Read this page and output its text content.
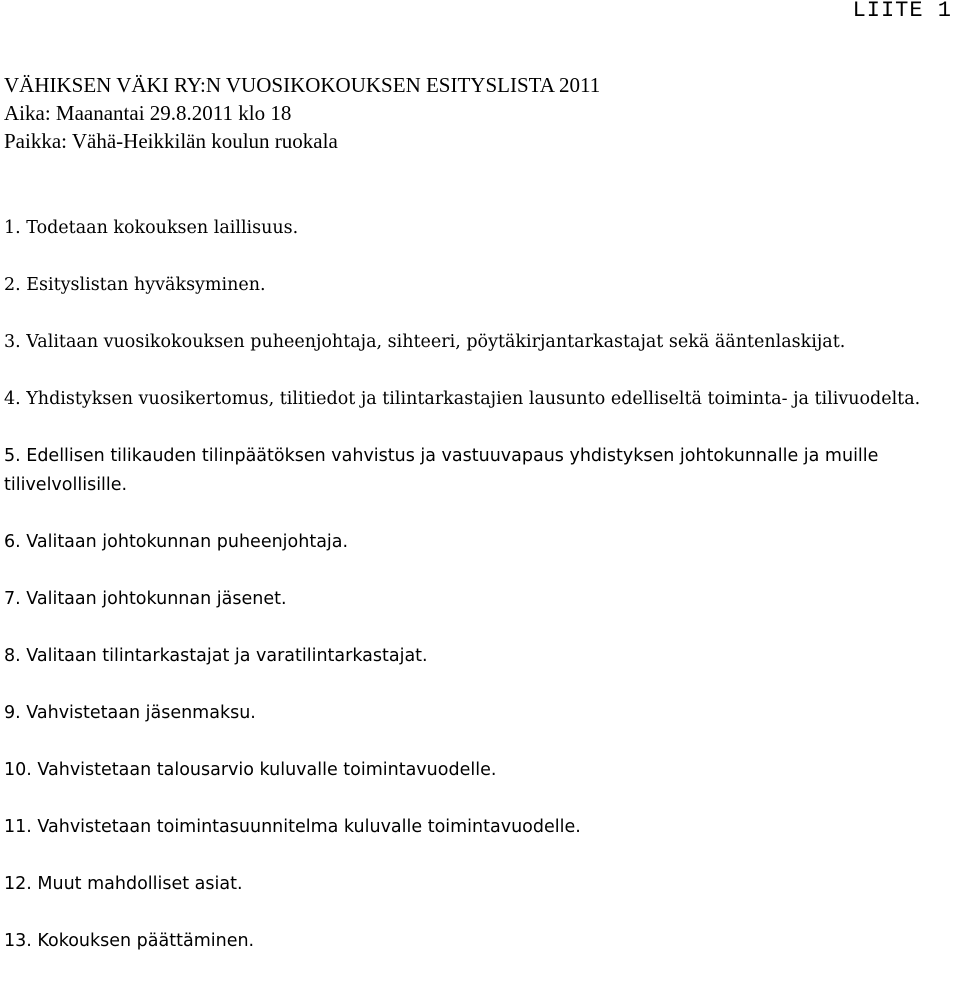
LIITE 1
VÄHIKSEN VÄKI RY:N VUOSIKOKOUKSEN ESITYSLISTA 2011
Aika: Maanantai 29.8.2011 klo 18
Paikka: Vähä-Heikkilän koulun ruokala
1. Todetaan kokouksen laillisuus.
2. Esityslistan hyväksyminen.
3. Valitaan vuosikokouksen puheenjohtaja, sihteeri, pöytäkirjantarkastajat sekä ääntenlaskijat.
4. Yhdistyksen vuosikertomus, tilitiedot ja tilintarkastajien lausunto edelliseltä toiminta- ja tilivuodelta.
5. Edellisen tilikauden tilinpäätöksen vahvistus ja vastuuvapaus yhdistyksen johtokunnalle ja muille tilivelvollisille.
6. Valitaan johtokunnan puheenjohtaja.
7. Valitaan johtokunnan jäsenet.
8. Valitaan tilintarkastajat ja varatilintarkastajat.
9. Vahvistetaan jäsenmaksu.
10. Vahvistetaan talousarvio kuluvalle toimintavuodelle.
11. Vahvistetaan toimintasuunnitelma kuluvalle toimintavuodelle.
12. Muut mahdolliset asiat.
13. Kokouksen päättäminen.
